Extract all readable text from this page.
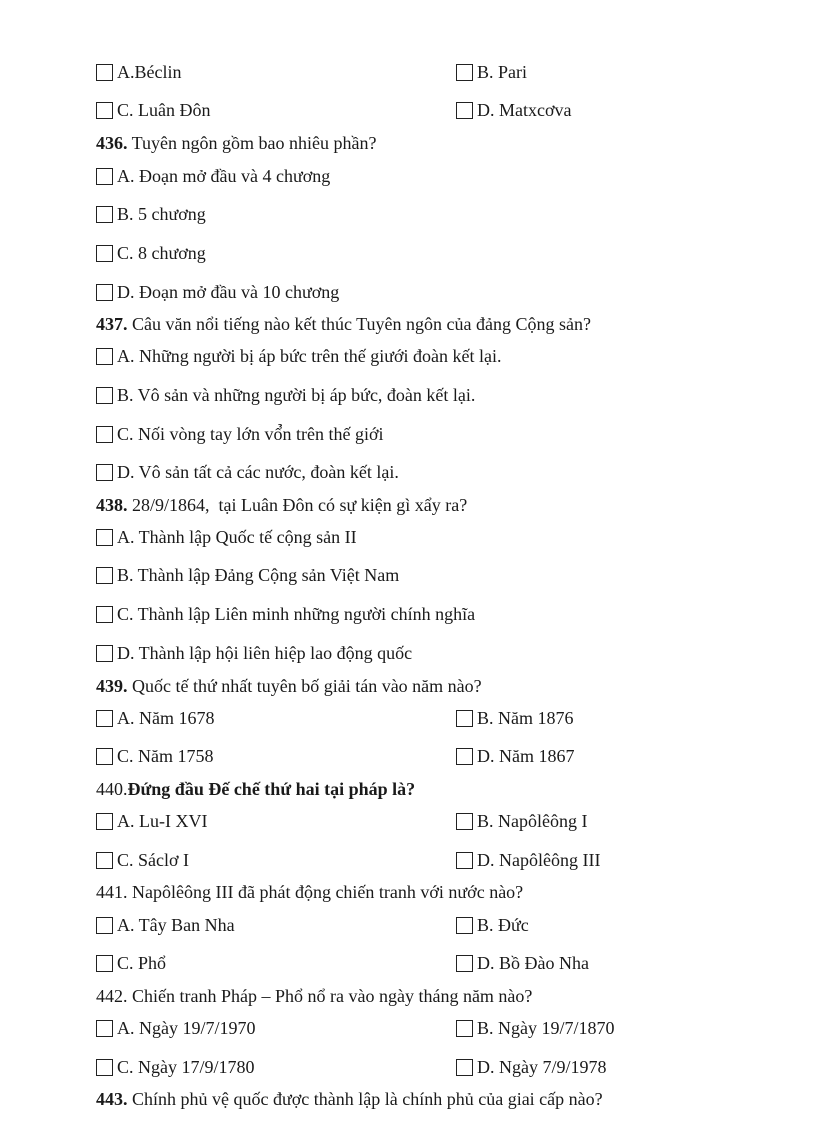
A.Béclin	B. Pari
C. Luân Đôn	D. Matxcơva
436. Tuyên ngôn gồm bao nhiêu phần?
A. Đoạn mở đầu và 4 chương
B. 5 chương
C. 8 chương
D. Đoạn mở đầu và 10 chương
437. Câu văn nổi tiếng nào kết thúc Tuyên ngôn của đảng Cộng sản?
A. Những người bị áp bức trên thế giưới đoàn kết lại.
B. Vô sản và những người bị áp bức, đoàn kết lại.
C. Nối vòng tay lớn vổ̉n trên thế giới
D. Vô sản tất cả các nước, đoàn kết lại.
438. 28/9/1864,  tại Luân Đôn có sự kiện gì xẩy ra?
A. Thành lập Quốc tế cộng sản II
B. Thành lập Đảng Cộng sản Việt Nam
C. Thành lập Liên minh những người chính nghĩa
D. Thành lập hội liên hiệp lao động quốc
439. Quốc tế thứ nhất tuyên bố giải tán vào năm nào?
A. Năm 1678	B. Năm 1876
C. Năm 1758	D. Năm 1867
440. Đứng đầu Đế chế thứ hai tại pháp là?
A. Lu-I XVI	B. Napôlêông I
C. Sáclơ I	D. Napôlêông III
441. Napôlêông III đã phát động chiến tranh với nước nào?
A. Tây Ban Nha	B. Đức
C. Phổ	D. Bồ Đào Nha
442. Chiến tranh Pháp – Phổ nổ ra vào ngày tháng năm nào?
A. Ngày 19/7/1970	B. Ngày 19/7/1870
C. Ngày 17/9/1780	D. Ngày 7/9/1978
443. Chính phủ vệ quốc được thành lập là chính phủ của giai cấp nào?
